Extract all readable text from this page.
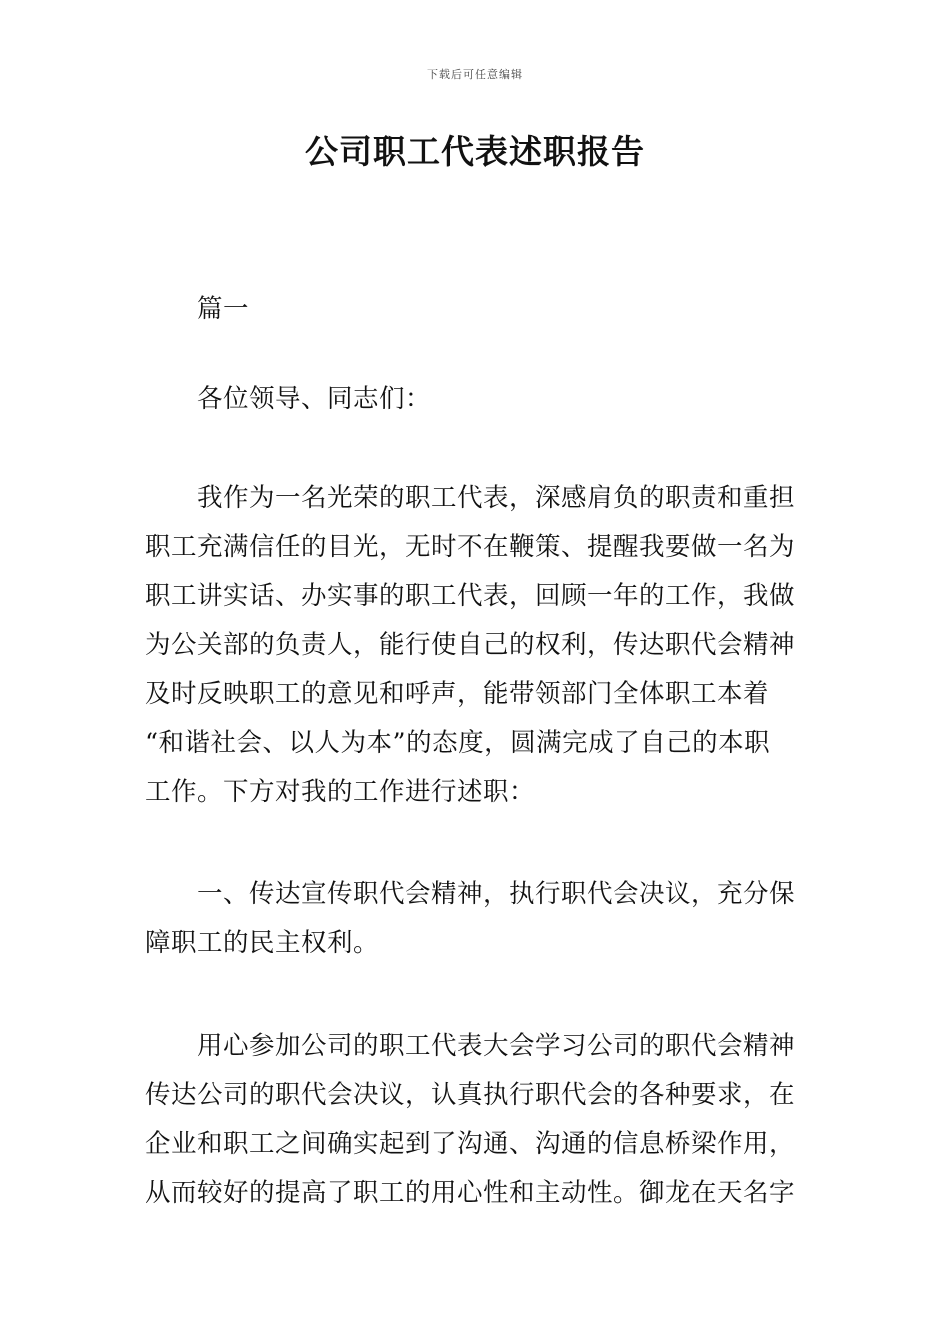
下载后可任意编辑
公司职工代表述职报告
篇一
各位领导、同志们：
我作为一名光荣的职工代表，深感肩负的职责和重担
职工充满信任的目光，无时不在鞭策、提醒我要做一名为
职工讲实话、办实事的职工代表，回顾一年的工作，我做
为公关部的负责人，能行使自己的权利，传达职代会精神
及时反映职工的意见和呼声，能带领部门全体职工本着
“和谐社会、以人为本”的态度，圆满完成了自己的本职
工作。下方对我的工作进行述职：
一、传达宣传职代会精神，执行职代会决议，充分保
障职工的民主权利。
用心参加公司的职工代表大会学习公司的职代会精神
传达公司的职代会决议，认真执行职代会的各种要求，在
企业和职工之间确实起到了沟通、沟通的信息桥梁作用，
从而较好的提高了职工的用心性和主动性。御龙在天名字
